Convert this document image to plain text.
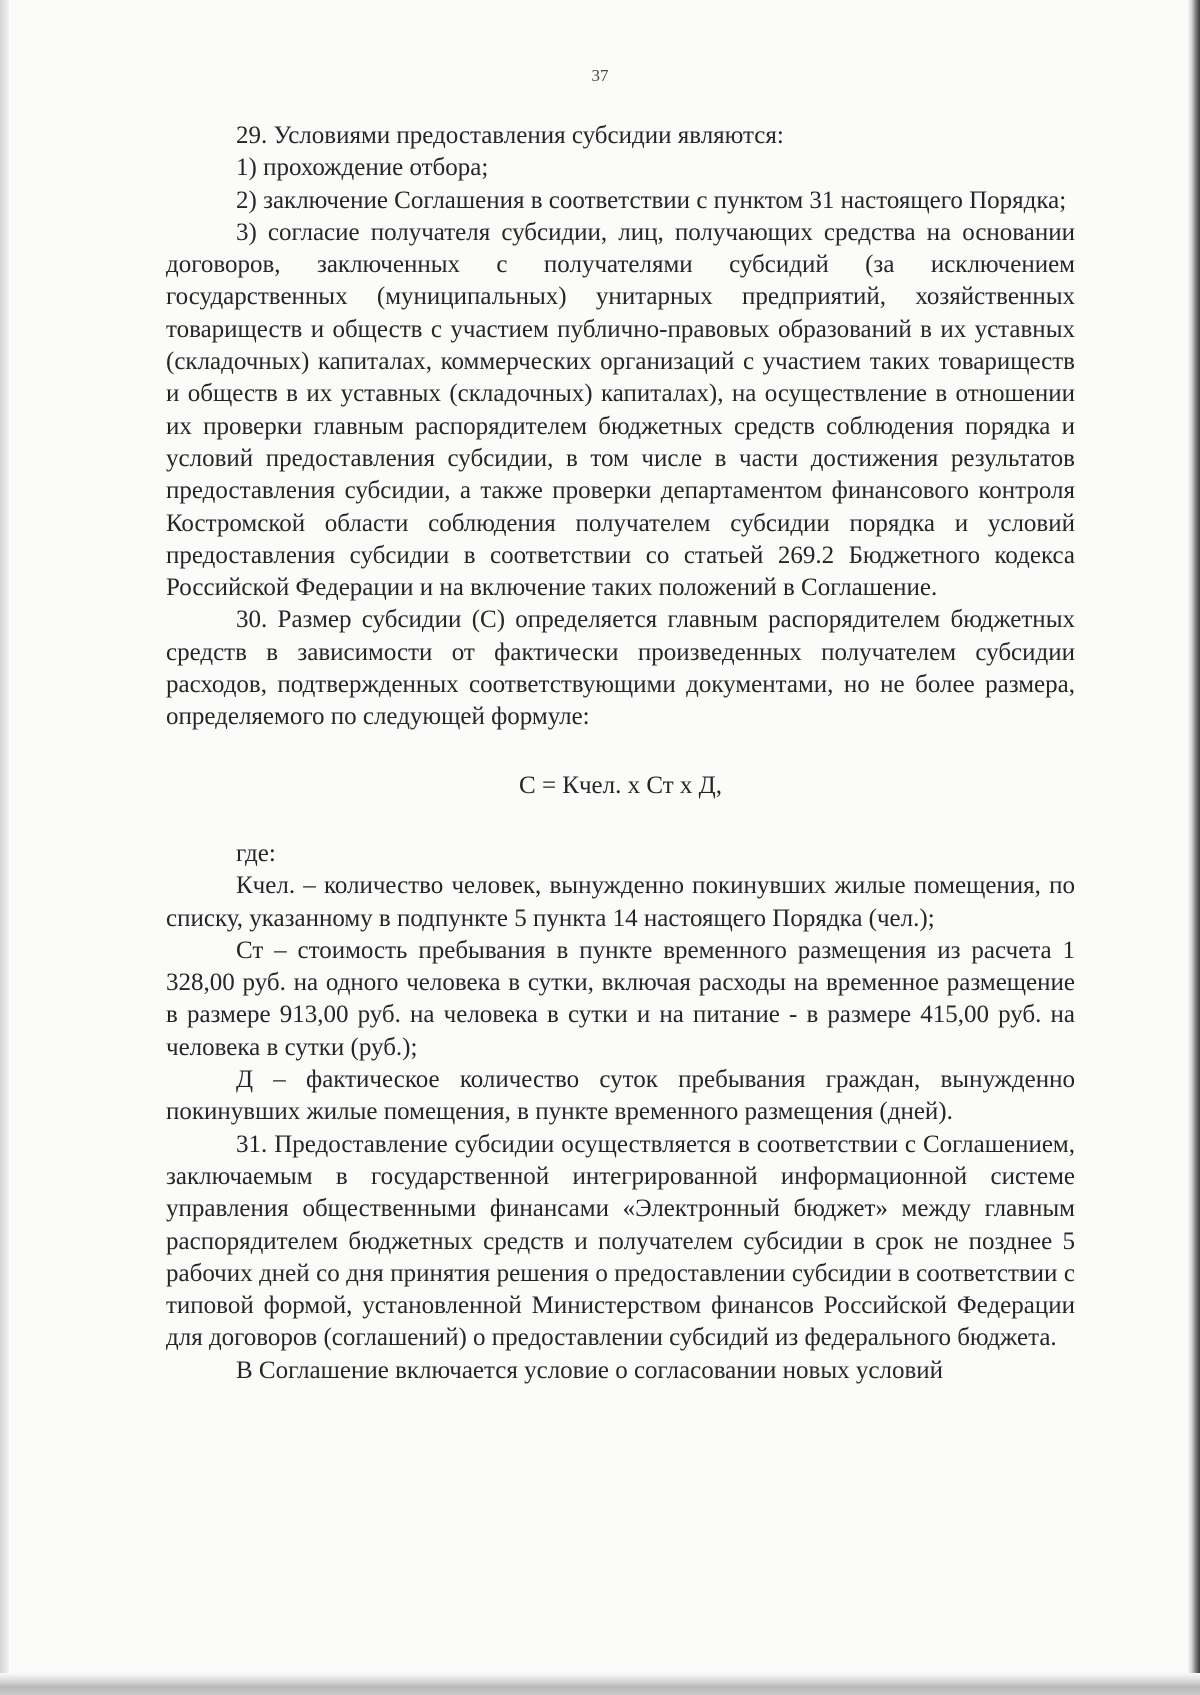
37

29. Условиями предоставления субсидии являются:

1) прохождение отбора;

2) заключение Соглашения в соответствии с пунктом 31 настоящего Порядка;

3) согласие получателя субсидии, лиц, получающих средства на основании договоров, заключенных с получателями субсидий (за исключением государственных (муниципальных) унитарных предприятий, хозяйственных товариществ и обществ с участием публично-правовых образований в их уставных (складочных) капиталах, коммерческих организаций с участием таких товариществ и обществ в их уставных (складочных) капиталах), на осуществление в отношении их проверки главным распорядителем бюджетных средств соблюдения порядка и условий предоставления субсидии, в том числе в части достижения результатов предоставления субсидии, а также проверки департаментом финансового контроля Костромской области соблюдения получателем субсидии порядка и условий предоставления субсидии в соответствии со статьей 269.2 Бюджетного кодекса Российской Федерации и на включение таких положений в Соглашение.

30. Размер субсидии (С) определяется главным распорядителем бюджетных средств в зависимости от фактически произведенных получателем субсидии расходов, подтвержденных соответствующими документами, но не более размера, определяемого по следующей формуле:

С = Кчел. х Ст х Д,

где:

Кчел. – количество человек, вынужденно покинувших жилые помещения, по списку, указанному в подпункте 5 пункта 14 настоящего Порядка (чел.);

Ст – стоимость пребывания в пункте временного размещения из расчета 1 328,00 руб. на одного человека в сутки, включая расходы на временное размещение в размере 913,00 руб. на человека в сутки и на питание - в размере 415,00 руб. на человека в сутки (руб.);

Д – фактическое количество суток пребывания граждан, вынужденно покинувших жилые помещения, в пункте временного размещения (дней).

31. Предоставление субсидии осуществляется в соответствии с Соглашением, заключаемым в государственной интегрированной информационной системе управления общественными финансами «Электронный бюджет» между главным распорядителем бюджетных средств и получателем субсидии в срок не позднее 5 рабочих дней со дня принятия решения о предоставлении субсидии в соответствии с типовой формой, установленной Министерством финансов Российской Федерации для договоров (соглашений) о предоставлении субсидий из федерального бюджета.

В Соглашение включается условие о согласовании новых условий
